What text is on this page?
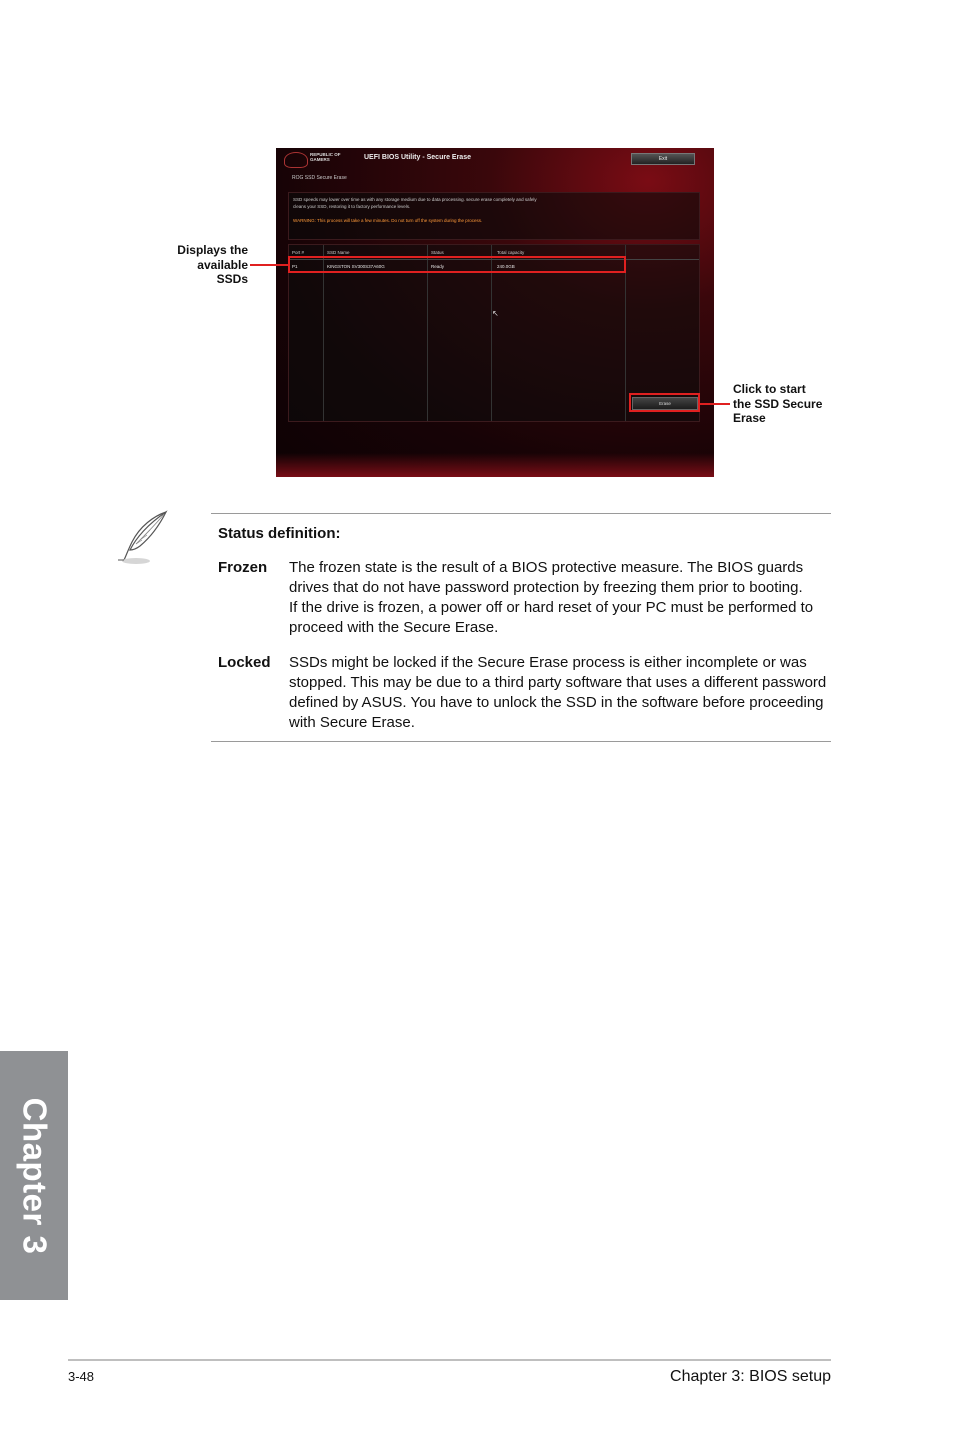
REPUBLIC OF GAMERS	UEFI BIOS Utility - Secure Erase	Exit
ROG SSD Secure Erase
SSD speeds may lower over time as with any storage medium due to data processing. secure erase completely and safely
cleans your SSD, restoring it to factory performance levels.
WARNING: This process will take a few minutes. Do not turn off the system during the process.
Port #	SSD Name	Status	Total capacity
P1	KINGSTON SV300S37A60G	Ready	240.0GB
↖
Erase
Displays the
available
SSDs
Click to start
the SSD Secure
Erase
Status definition:
Frozen The frozen state is the result of a BIOS protective measure. The BIOS guards
drives that do not have password protection by freezing them prior to booting.
If the drive is frozen, a power off or hard reset of your PC must be performed to
proceed with the Secure Erase.
Locked SSDs might be locked if the Secure Erase process is either incomplete or was
stopped. This may be due to a third party software that uses a different password
defined by ASUS. You have to unlock the SSD in the software before proceeding
with Secure Erase.
Chapter 3
3-48	Chapter 3: BIOS setup
